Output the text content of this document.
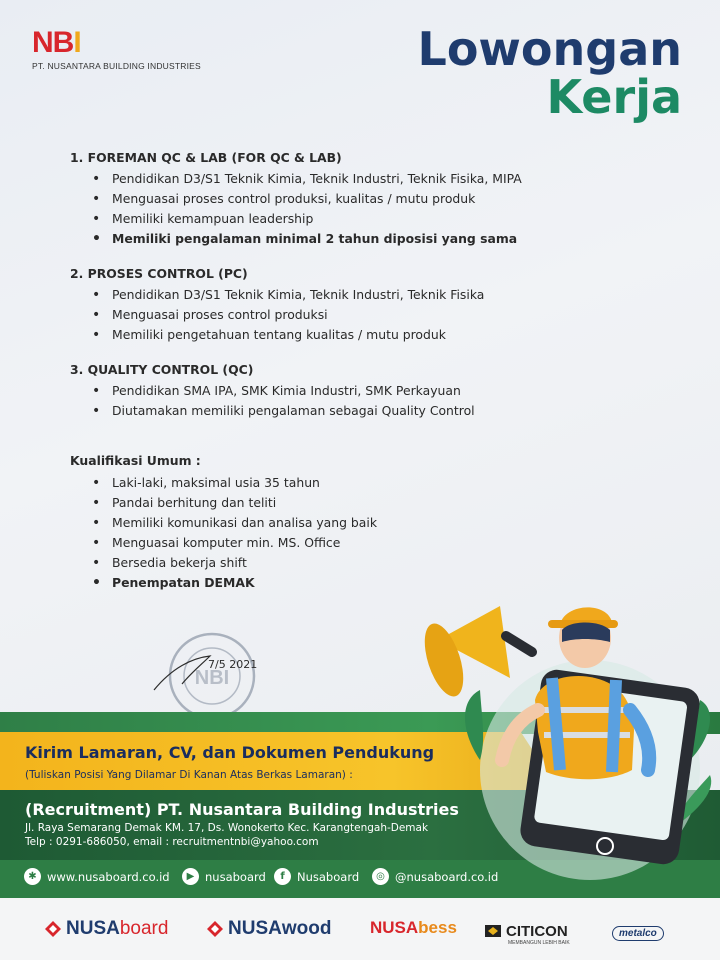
NBI
PT. NUSANTARA BUILDING INDUSTRIES	Lowongan
Kerja
1. FOREMAN QC & LAB (FOR QC & LAB)
• Pendidikan D3/S1 Teknik Kimia, Teknik Industri, Teknik Fisika, MIPA
• Menguasai proses control produksi, kualitas / mutu produk
• Memiliki kemampuan leadership
• Memiliki pengalaman minimal 2 tahun diposisi yang sama
2. PROSES CONTROL (PC)
• Pendidikan D3/S1 Teknik Kimia, Teknik Industri, Teknik Fisika
• Menguasai proses control produksi
• Memiliki pengetahuan tentang kualitas / mutu produk
3. QUALITY CONTROL (QC)
• Pendidikan SMA IPA, SMK Kimia Industri, SMK Perkayuan
• Diutamakan memiliki pengalaman sebagai Quality Control
Kualifikasi Umum :
• Laki-laki, maksimal usia 35 tahun
• Pandai berhitung dan teliti
• Memiliki komunikasi dan analisa yang baik
• Menguasai komputer min. MS. Office
• Bersedia bekerja shift
• Penempatan DEMAK
NBI
7/5 2021
Kirim Lamaran, CV, dan Dokumen Pendukung
(Tuliskan Posisi Yang Dilamar Di Kanan Atas Berkas Lamaran) :
(Recruitment) PT. Nusantara Building Industries
Jl. Raya Semarang Demak KM. 17, Ds. Wonokerto Kec. Karangtengah-Demak
Telp : 0291-686050, email : recruitmentnbi@yahoo.com
✱ www.nusaboard.co.id	▶ nusaboard	f	Nusaboard	◎ @nusaboard.co.id
NUSA board	NUSA wood NUSA bess	CITICON
MEMBANGUN LEBIH BAIK
metalco
